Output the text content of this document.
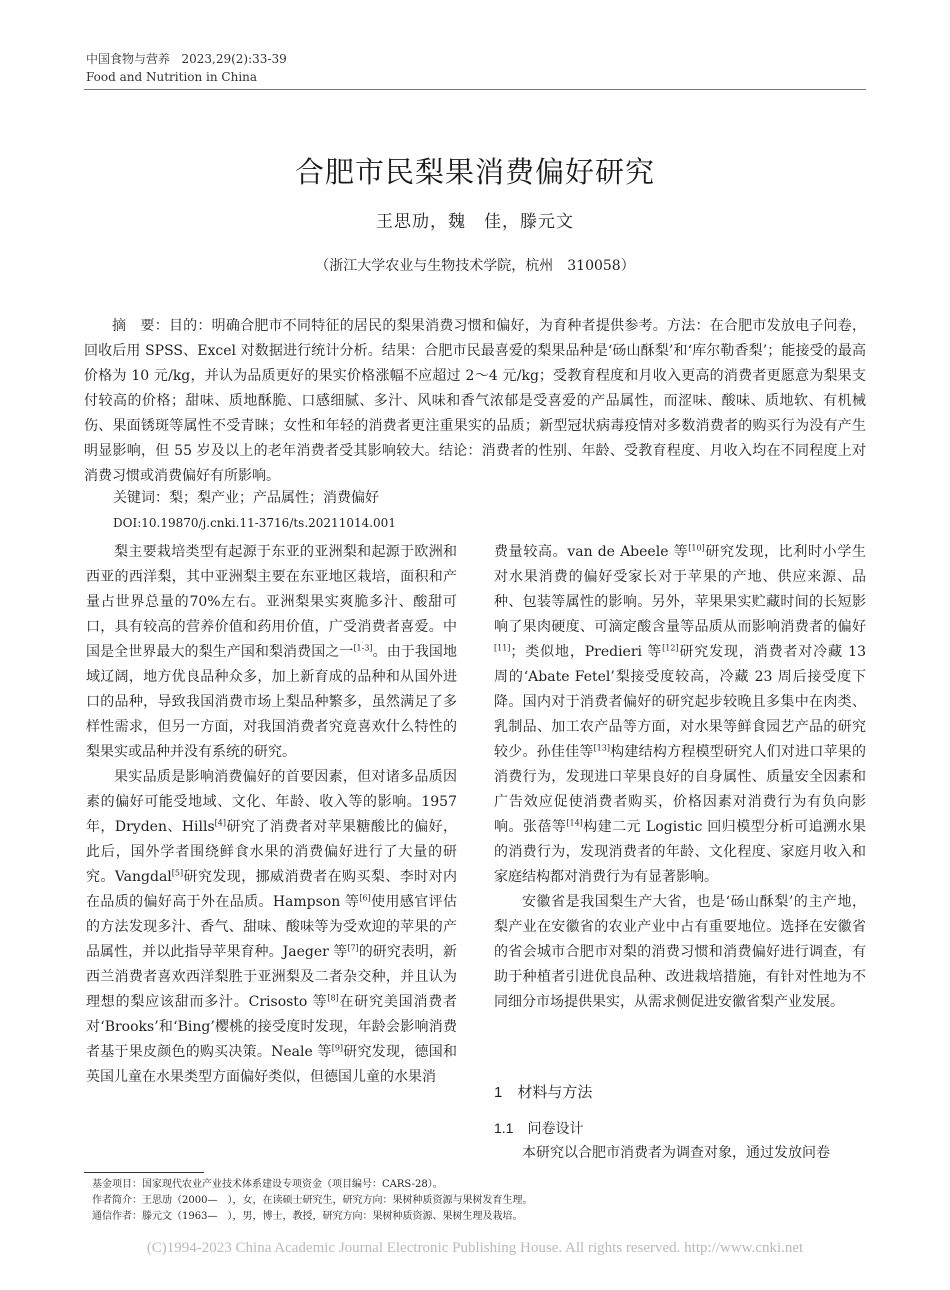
中国食物与营养 2023,29(2):33-39
Food and Nutrition in China
合肥市民梨果消费偏好研究
王思劢，魏　佳，滕元文
（浙江大学农业与生物技术学院，杭州　310058）

摘　要：目的：明确合肥市不同特征的居民的梨果消费习惯和偏好，为育种者提供参考。方法：在合肥市发放电子问卷，回收后用 SPSS、Excel 对数据进行统计分析。结果：合肥市民最喜爱的梨果品种是‘砀山酥梨’和‘库尔勒香梨’；能接受的最高价格为 10 元/kg，并认为品质更好的果实价格涨幅不应超过 2～4 元/kg；受教育程度和月收入更高的消费者更愿意为梨果支付较高的价格；甜味、质地酥脆、口感细腻、多汁、风味和香气浓郁是受喜爱的产品属性，而涩味、酸味、质地软、有机械伤、果面锈斑等属性不受青睐；女性和年轻的消费者更注重果实的品质；新型冠状病毒疫情对多数消费者的购买行为没有产生明显影响，但 55 岁及以上的老年消费者受其影响较大。结论：消费者的性别、年龄、受教育程度、月收入均在不同程度上对消费习惯或消费偏好有所影响。

关键词：梨；梨产业；产品属性；消费偏好
DOI:10.19870/j.cnki.11-3716/ts.20211014.001

梨主要栽培类型有起源于东亚的亚洲梨和起源于欧洲和西亚的西洋梨，其中亚洲梨主要在东亚地区栽培，面积和产量占世界总量的70%左右。亚洲梨果实爽脆多汁、酸甜可口，具有较高的营养价值和药用价值，广受消费者喜爱。中国是全世界最大的梨生产国和梨消费国之一[1-3]。由于我国地域辽阔，地方优良品种众多，加上新育成的品种和从国外进口的品种，导致我国消费市场上梨品种繁多，虽然满足了多样性需求，但另一方面，对我国消费者究竟喜欢什么特性的梨果实或品种并没有系统的研究。

果实品质是影响消费偏好的首要因素，但对诸多品质因素的偏好可能受地域、文化、年龄、收入等的影响。1957 年，Dryden、Hills[4]研究了消费者对苹果糖酸比的偏好，此后，国外学者围绕鲜食水果的消费偏好进行了大量的研究。Vangdal[5]研究发现，挪威消费者在购买梨、李时对内在品质的偏好高于外在品质。Hampson 等[6]使用感官评估的方法发现多汁、香气、甜味、酸味等为受欢迎的苹果的产品属性，并以此指导苹果育种。Jaeger 等[7]的研究表明，新西兰消费者喜欢西洋梨胜于亚洲梨及二者杂交种，并且认为理想的梨应该甜而多汁。Crisosto 等[8]在研究美国消费者对‘Brooks’和‘Bing’樱桃的接受度时发现，年龄会影响消费者基于果皮颜色的购买决策。Neale 等[9]研究发现，德国和英国儿童在水果类型方面偏好类似，但德国儿童的水果消

费量较高。van de Abeele 等[10]研究发现，比利时小学生对水果消费的偏好受家长对于苹果的产地、供应来源、品种、包装等属性的影响。另外，苹果果实贮藏时间的长短影响了果肉硬度、可滴定酸含量等品质从而影响消费者的偏好[11]；类似地，Predieri 等[12]研究发现，消费者对冷藏 13 周的‘Abate Fetel’梨接受度较高，冷藏 23 周后接受度下降。国内对于消费者偏好的研究起步较晚且多集中在肉类、乳制品、加工农产品等方面，对水果等鲜食园艺产品的研究较少。孙佳佳等[13]构建结构方程模型研究人们对进口苹果的消费行为，发现进口苹果良好的自身属性、质量安全因素和广告效应促使消费者购买，价格因素对消费行为有负向影响。张蓓等[14]构建二元 Logistic 回归模型分析可追溯水果的消费行为，发现消费者的年龄、文化程度、家庭月收入和家庭结构都对消费行为有显著影响。

安徽省是我国梨生产大省，也是‘砀山酥梨’的主产地，梨产业在安徽省的农业产业中占有重要地位。选择在安徽省的省会城市合肥市对梨的消费习惯和消费偏好进行调查，有助于种植者引进优良品种、改进栽培措施，有针对性地为不同细分市场提供果实，从需求侧促进安徽省梨产业发展。

1　材料与方法
1.1　问卷设计
本研究以合肥市消费者为调查对象，通过发放问卷
基金项目：国家现代农业产业技术体系建设专项资金（项目编号：CARS-28）。
作者简介：王思劢（2000—　），女，在读硕士研究生，研究方向：果树种质资源与果树发育生理。
通信作者：滕元文（1963—　），男，博士，教授，研究方向：果树种质资源、果树生理及栽培。
(C)1994-2023 China Academic Journal Electronic Publishing House. All rights reserved. http://www.cnki.net
